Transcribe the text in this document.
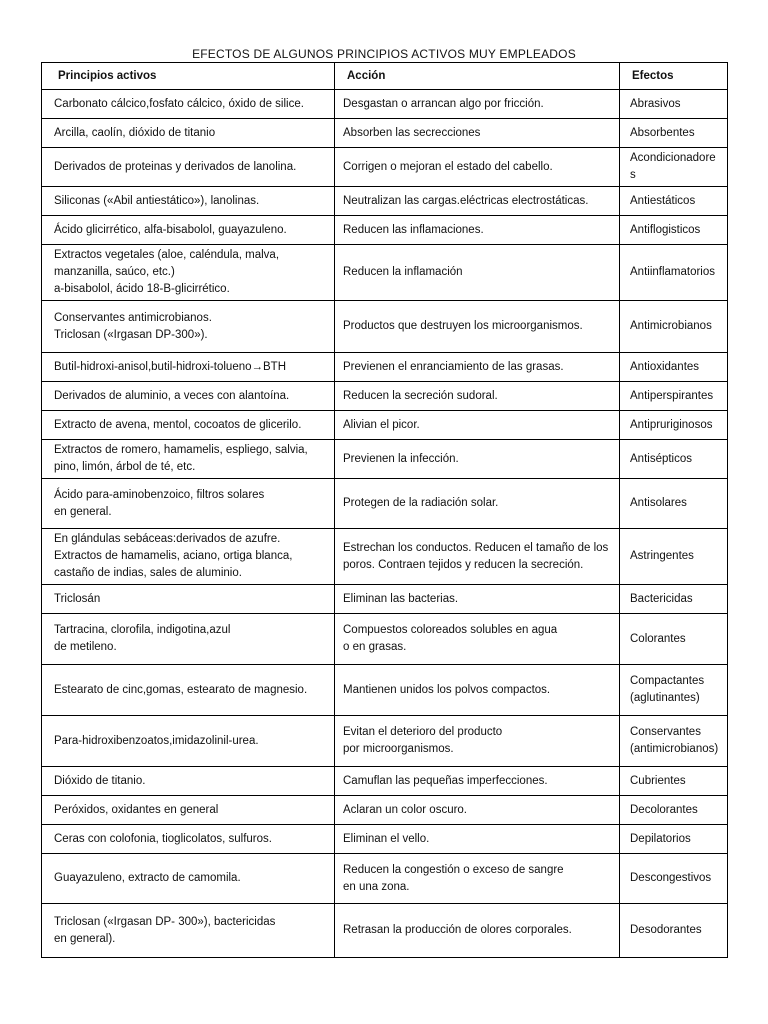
EFECTOS DE ALGUNOS PRINCIPIOS ACTIVOS MUY EMPLEADOS
Principios activos	Acción	Efectos

Carbonato cálcico,fosfato cálcico, óxido de silice.	Desgastan o arrancan algo por fricción.	Abrasivos

Arcilla, caolín, dióxido de titanio	Absorben las secrecciones	Absorbentes

Derivados de proteinas y derivados de lanolina.	Corrigen o mejoran el estado del cabello.	Acondicionadore
s

Siliconas («Abil antiestático»), lanolinas.	Neutralizan las cargas.eléctricas electrostáticas.	Antiestáticos

Ácido glicirrético, alfa-bisabolol, guayazuleno.	Reducen las inflamaciones.	Antiflogisticos

Extractos vegetales (aloe, caléndula, malva,
manzanilla, saúco, etc.)
a-bisabolol, ácido 18-B-glicirrético.	Reducen la inflamación	Antiinflamatorios

Conservantes antimicrobianos.
Triclosan («Irgasan DP-300»).	Productos que destruyen los microorganismos.	Antimicrobianos

Butil-hidroxi-anisol,butil-hidroxi-tolueno→BTH	Previenen el enranciamiento de las grasas.	Antioxidantes

Derivados de aluminio, a veces con alantoína.	Reducen la secreción sudoral.	Antiperspirantes

Extracto de avena, mentol, cocoatos de glicerilo.	Alivian el picor.	Antipruriginosos

Extractos de romero, hamamelis, espliego, salvia,
pino, limón, árbol de té, etc.	Previenen la infección.	Antisépticos

Ácido para-aminobenzoico, filtros solares
en general.	Protegen de la radiación solar.	Antisolares

En glándulas sebáceas:derivados de azufre.
Extractos de hamamelis, aciano, ortiga blanca,
castaño de indias, sales de aluminio.	Estrechan los conductos. Reducen el tamaño de los
poros. Contraen tejidos y reducen la secreción.	Astringentes

Triclosán	Eliminan las bacterias.	Bactericidas

Tartracina, clorofila, indigotina,azul
de metileno.	Compuestos coloreados solubles en agua
o en grasas.	Colorantes

Estearato de cinc,gomas, estearato de magnesio.	Mantienen unidos los polvos compactos.	Compactantes
(aglutinantes)

Para-hidroxibenzoatos,imidazolinil-urea.	Evitan el deterioro del producto
por microorganismos.	Conservantes
(antimicrobianos)

Dióxido de titanio.	Camuflan las pequeñas imperfecciones.	Cubrientes

Peróxidos, oxidantes en general	Aclaran un color oscuro.	Decolorantes

Ceras con colofonia, tioglicolatos, sulfuros.	Eliminan el vello.	Depilatorios

Guayazuleno, extracto de camomila.	Reducen la congestión o exceso de sangre
en una zona.	Descongestivos

Triclosan («Irgasan DP- 300»), bactericidas
en general).	Retrasan la producción de olores corporales.	Desodorantes
